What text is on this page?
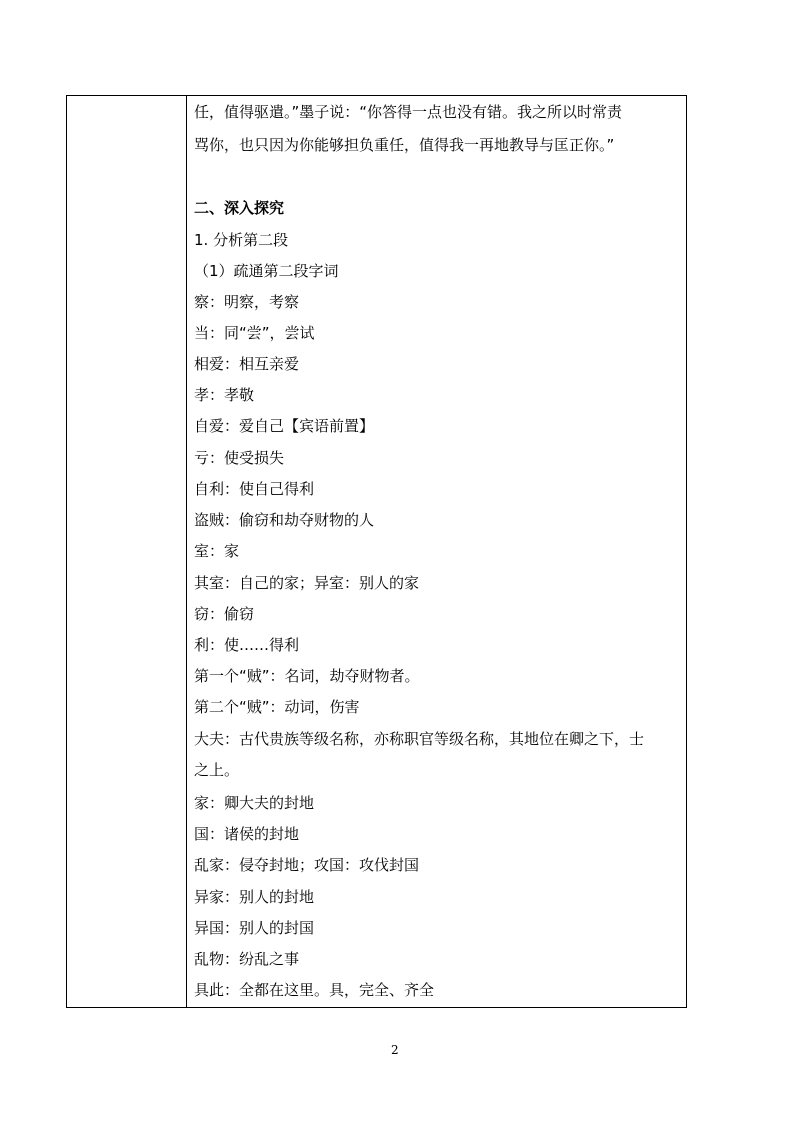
任，值得驱遣。”墨子说：“你答得一点也没有错。我之所以时常责
骂你，也只因为你能够担负重任，值得我一再地教导与匡正你。”
二、深入探究
1. 分析第二段
（1）疏通第二段字词
察：明察，考察
当：同“尝”，尝试
相爱：相互亲爱
孝：孝敬
自爱：爱自己【宾语前置】
亏：使受损失
自利：使自己得利
盗贼：偷窃和劫夺财物的人
室：家
其室：自己的家；异室：别人的家
窃：偷窃
利：使……得利
第一个“贼”：名词，劫夺财物者。
第二个“贼”：动词，伤害
大夫：古代贵族等级名称，亦称职官等级名称，其地位在卿之下，士
之上。
家：卿大夫的封地
国：诸侯的封地
乱家：侵夺封地；攻国：攻伐封国
异家：别人的封地
异国：别人的封国
乱物：纷乱之事
具此：全都在这里。具，完全、齐全
2
